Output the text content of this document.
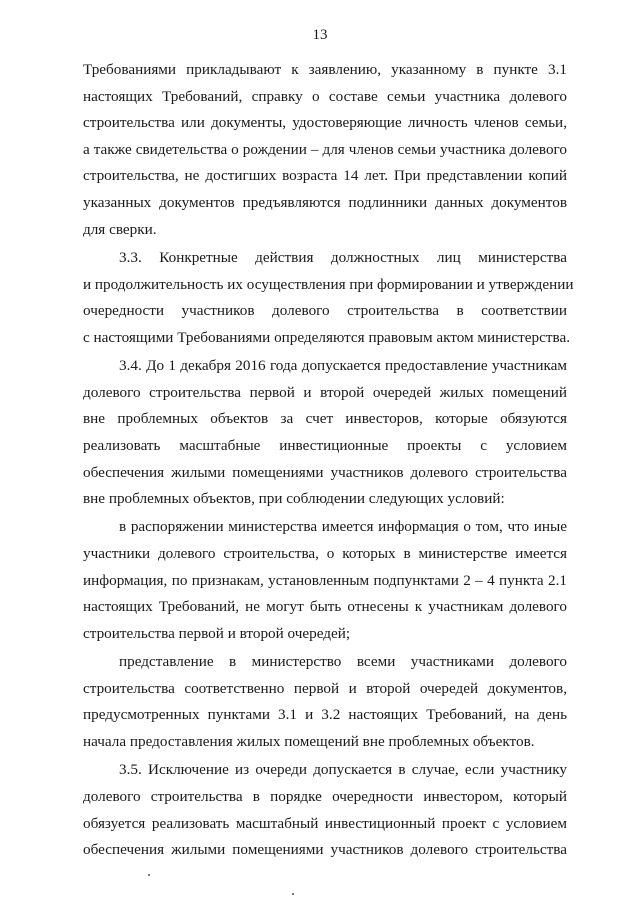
13
Требованиями прикладывают к заявлению, указанному в пункте 3.1
настоящих Требований, справку о составе семьи участника долевого
строительства или документы, удостоверяющие личность членов семьи,
а также свидетельства о рождении – для членов семьи участника долевого
строительства, не достигших возраста 14 лет. При представлении копий
указанных документов предъявляются подлинники данных документов
для сверки.
3.3. Конкретные действия должностных лиц министерства
и продолжительность их осуществления при формировании и утверждении
очередности участников долевого строительства в соответствии
с настоящими Требованиями определяются правовым актом министерства.
3.4. До 1 декабря 2016 года допускается предоставление участникам
долевого строительства первой и второй очередей жилых помещений
вне проблемных объектов за счет инвесторов, которые обязуются
реализовать масштабные инвестиционные проекты с условием
обеспечения жилыми помещениями участников долевого строительства
вне проблемных объектов, при соблюдении следующих условий:
в распоряжении министерства имеется информация о том, что иные
участники долевого строительства, о которых в министерстве имеется
информация, по признакам, установленным подпунктами 2 – 4 пункта 2.1
настоящих Требований, не могут быть отнесены к участникам долевого
строительства первой и второй очередей;
представление в министерство всеми участниками долевого
строительства соответственно первой и второй очередей документов,
предусмотренных пунктами 3.1 и 3.2 настоящих Требований, на день
начала предоставления жилых помещений вне проблемных объектов.
3.5. Исключение из очереди допускается в случае, если участнику
долевого строительства в порядке очередности инвестором, который
обязуется реализовать масштабный инвестиционный проект с условием
обеспечения жилыми помещениями участников долевого строительства
